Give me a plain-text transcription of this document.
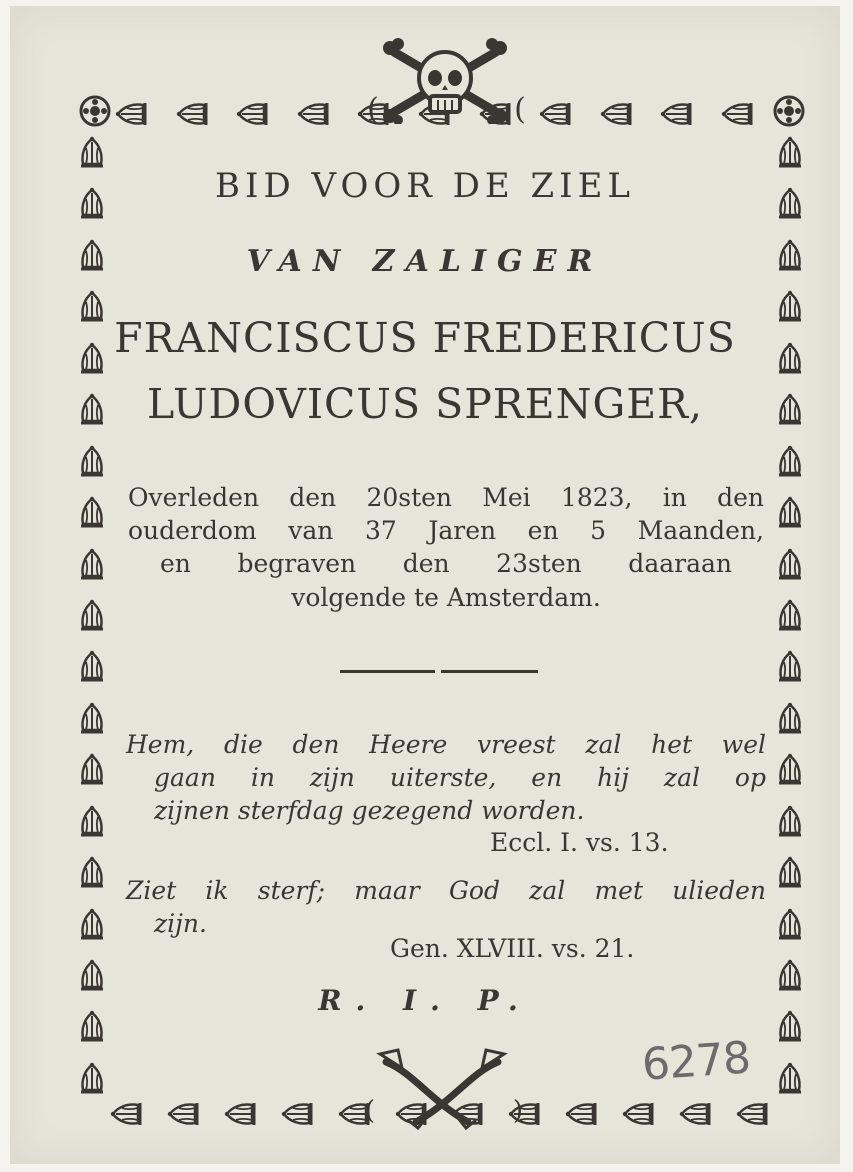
(	(
BID VOOR DE ZIEL
VAN ZALIGER
FRANCISCUS FREDERICUS
LUDOVICUS SPRENGER,
Overleden den 20sten Mei 1823, in den
ouderdom van 37 Jaren en 5 Maanden,
en begraven den 23sten daaraan
volgende te Amsterdam.
Hem, die den Heere vreest zal het wel
gaan in zijn uiterste, en hij zal op
zijnen sterfdag gezegend worden.
Eccl. I. vs. 13.
Ziet ik sterf; maar God zal met ulieden
zijn.
Gen. XLVIII. vs. 21.
R. I. P.
(	)
6278
